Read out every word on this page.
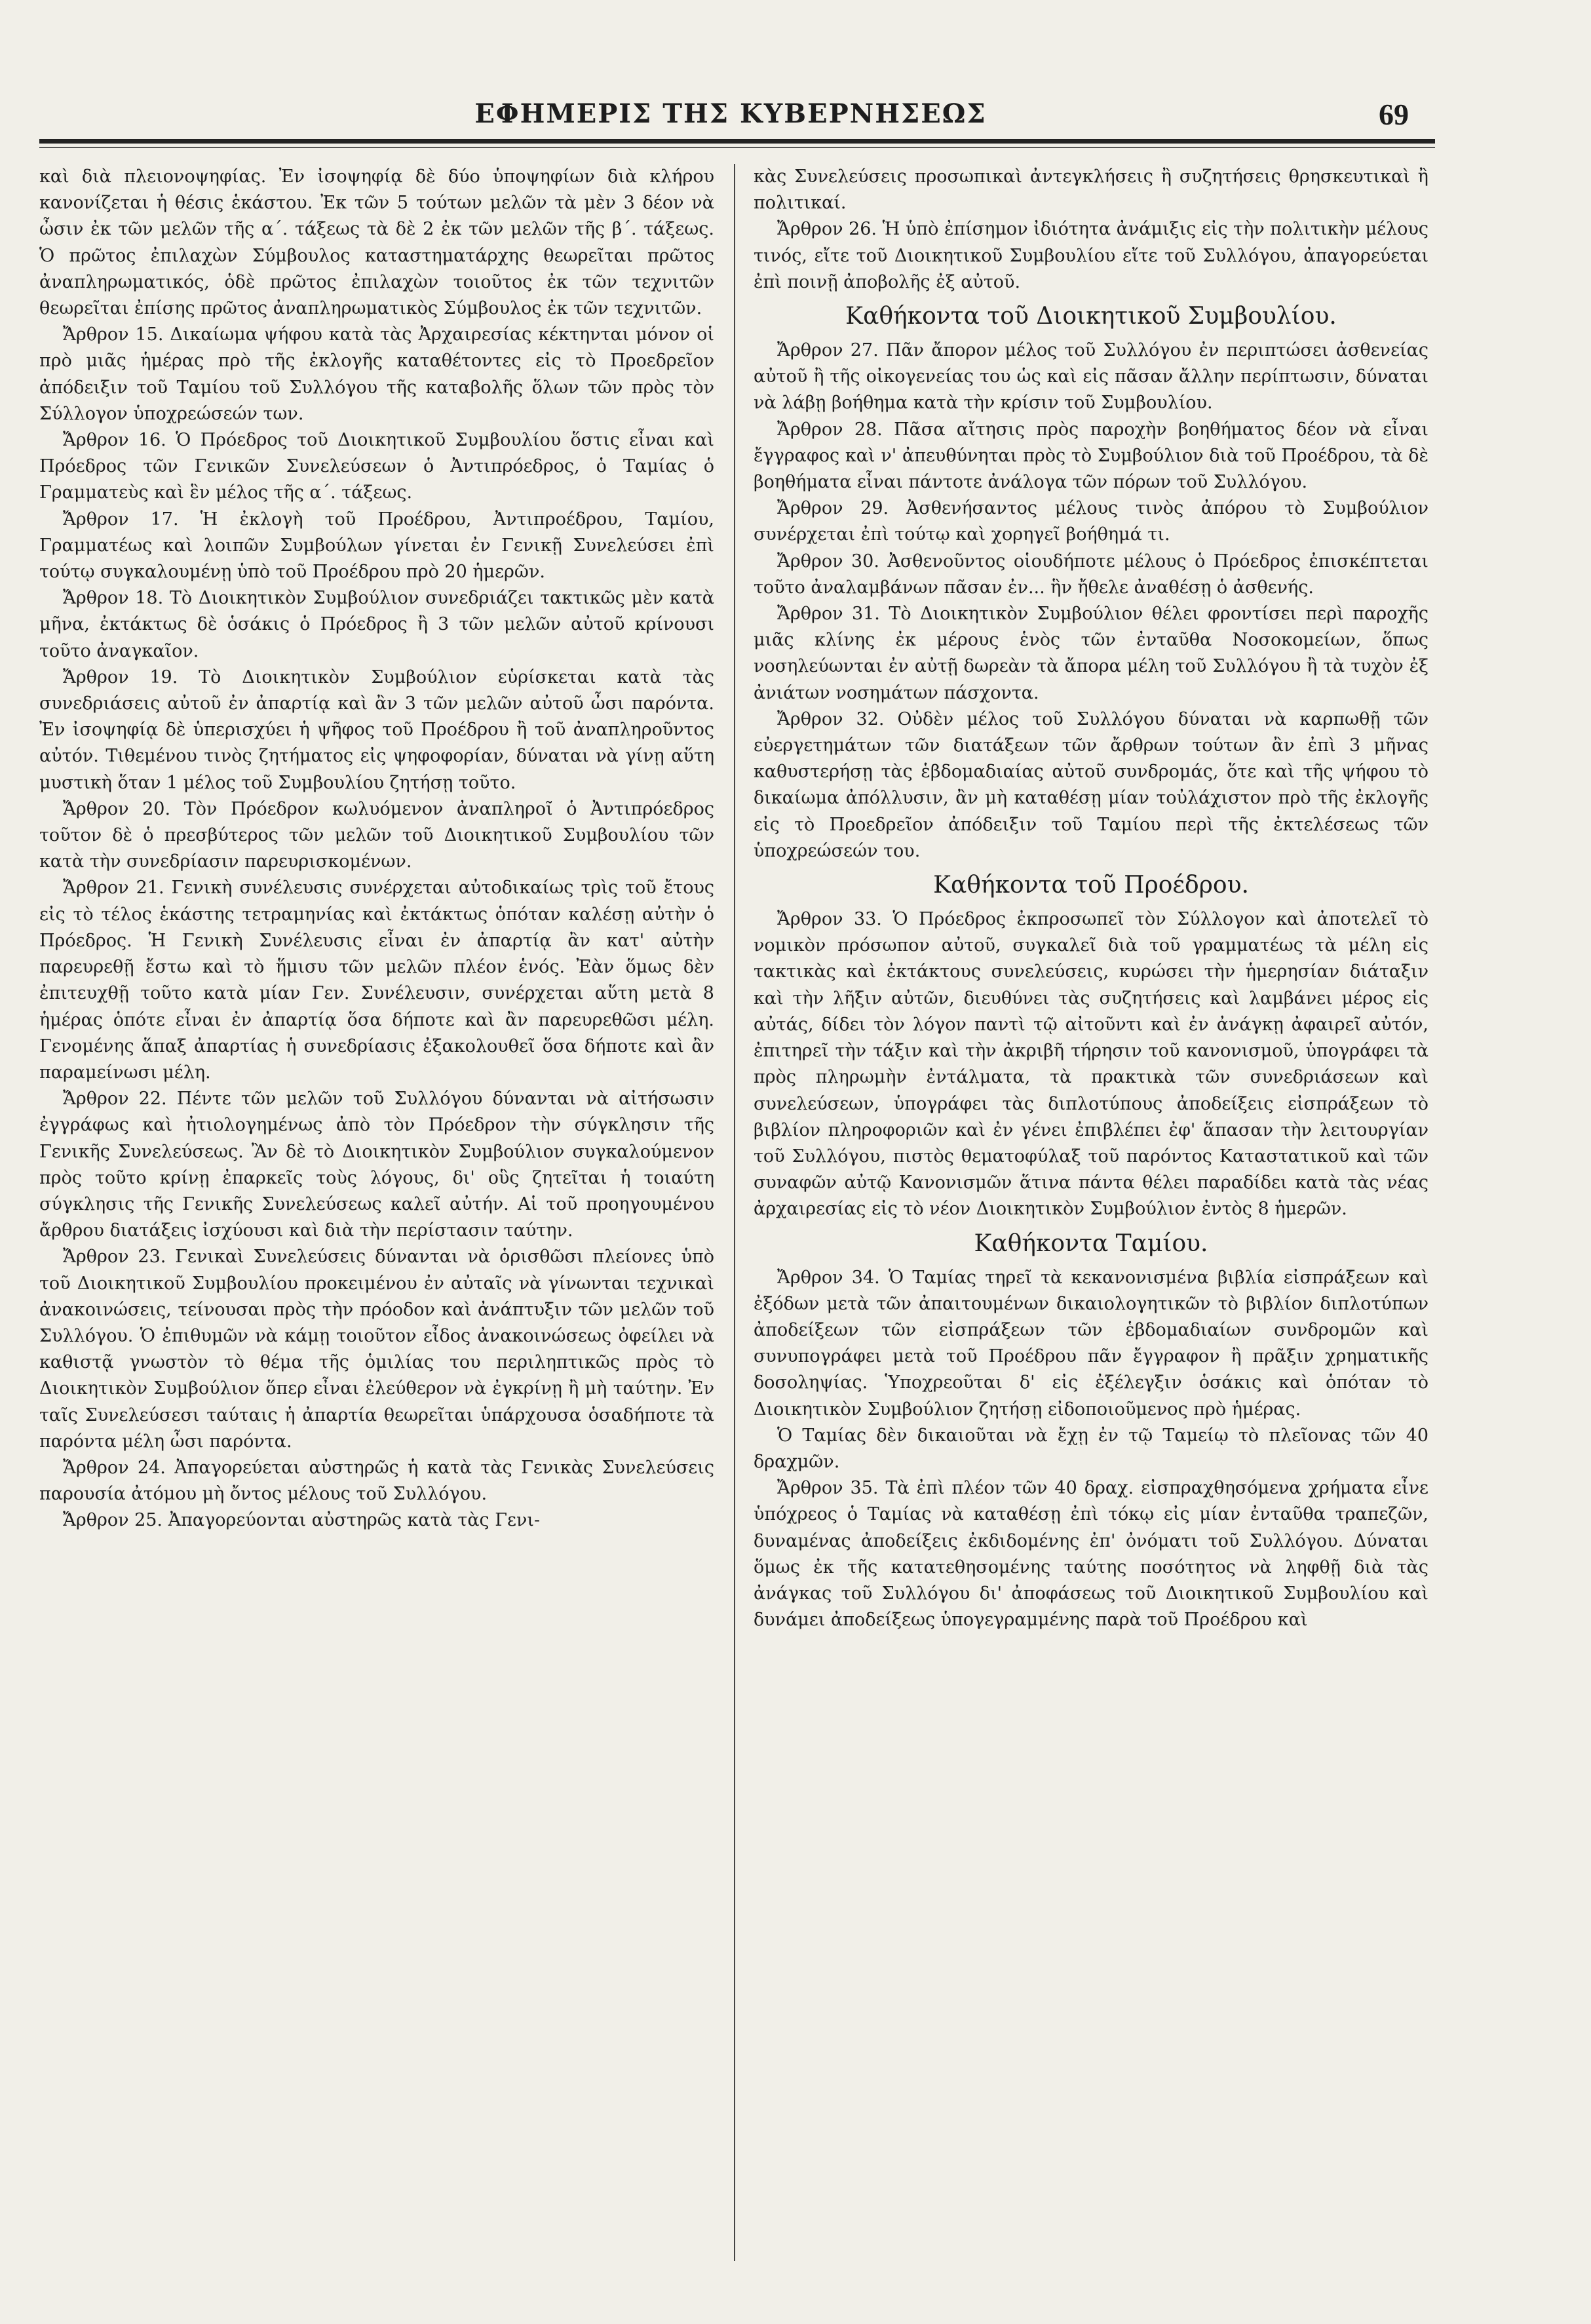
ΕΦΗΜΕΡΙΣ ΤΗΣ ΚΥΒΕΡΝΗΣΕΩΣ	69

καὶ διὰ πλειονοψηφίας. Ἐν ἰσοψηφίᾳ δὲ δύο ὑποψηφίων διὰ κλήρου κανονίζεται ἡ θέσις ἑκάστου. Ἐκ τῶν 5 τούτων μελῶν τὰ μὲν 3 δέον νὰ ὦσιν ἐκ τῶν μελῶν τῆς α΄. τάξεως τὰ δὲ 2 ἐκ τῶν μελῶν τῆς β΄. τάξεως. Ὁ πρῶτος ἐπιλαχὼν Σύμβουλος καταστηματάρχης θεωρεῖται πρῶτος ἀναπληρωματικός, ὁδὲ πρῶτος ἐπιλαχὼν τοιοῦτος ἐκ τῶν τεχνιτῶν θεωρεῖται ἐπίσης πρῶτος ἀναπληρωματικὸς Σύμβουλος ἐκ τῶν τεχνιτῶν.

Ἄρθρον 15. Δικαίωμα ψήφου κατὰ τὰς Ἀρχαιρεσίας κέκτηνται μόνον οἱ πρὸ μιᾶς ἡμέρας πρὸ τῆς ἐκλογῆς καταθέτοντες εἰς τὸ Προεδρεῖον ἀπόδειξιν τοῦ Ταμίου τοῦ Συλλόγου τῆς καταβολῆς ὅλων τῶν πρὸς τὸν Σύλλογον ὑποχρεώσεών των.

Ἄρθρον 16. Ὁ Πρόεδρος τοῦ Διοικητικοῦ Συμβουλίου ὅστις εἶναι καὶ Πρόεδρος τῶν Γενικῶν Συνελεύσεων ὁ Ἀντιπρόεδρος, ὁ Ταμίας ὁ Γραμματεὺς καὶ ἓν μέλος τῆς α΄. τάξεως.

Ἄρθρον 17. Ἡ ἐκλογὴ τοῦ Προέδρου, Ἀντιπροέδρου, Ταμίου, Γραμματέως καὶ λοιπῶν Συμβούλων γίνεται ἐν Γενικῇ Συνελεύσει ἐπὶ τούτῳ συγκαλουμένῃ ὑπὸ τοῦ Προέδρου πρὸ 20 ἡμερῶν.

Ἄρθρον 18. Τὸ Διοικητικὸν Συμβούλιον συνεδριάζει τακτικῶς μὲν κατὰ μῆνα, ἐκτάκτως δὲ ὁσάκις ὁ Πρόεδρος ἢ 3 τῶν μελῶν αὐτοῦ κρίνουσι τοῦτο ἀναγκαῖον.

Ἄρθρον 19. Τὸ Διοικητικὸν Συμβούλιον εὑρίσκεται κατὰ τὰς συνεδριάσεις αὐτοῦ ἐν ἀπαρτίᾳ καὶ ἂν 3 τῶν μελῶν αὐτοῦ ὦσι παρόντα. Ἐν ἰσοψηφίᾳ δὲ ὑπερισχύει ἡ ψῆφος τοῦ Προέδρου ἢ τοῦ ἀναπληροῦντος αὐτόν. Τιθεμένου τινὸς ζητήματος εἰς ψηφοφορίαν, δύναται νὰ γίνῃ αὕτη μυστικὴ ὅταν 1 μέλος τοῦ Συμβουλίου ζητήσῃ τοῦτο.

Ἄρθρον 20. Τὸν Πρόεδρον κωλυόμενον ἀναπληροῖ ὁ Ἀντιπρόεδρος τοῦτον δὲ ὁ πρεσβύτερος τῶν μελῶν τοῦ Διοικητικοῦ Συμβουλίου τῶν κατὰ τὴν συνεδρίασιν παρευρισκομένων.

Ἄρθρον 21. Γενικὴ συνέλευσις συνέρχεται αὐτοδικαίως τρὶς τοῦ ἔτους εἰς τὸ τέλος ἑκάστης τετραμηνίας καὶ ἐκτάκτως ὁπόταν καλέσῃ αὐτὴν ὁ Πρόεδρος. Ἡ Γενικὴ Συνέλευσις εἶναι ἐν ἀπαρτίᾳ ἂν κατ' αὐτὴν παρευρεθῇ ἔστω καὶ τὸ ἥμισυ τῶν μελῶν πλέον ἑνός. Ἐὰν ὅμως δὲν ἐπιτευχθῇ τοῦτο κατὰ μίαν Γεν. Συνέλευσιν, συνέρχεται αὕτη μετὰ 8 ἡμέρας ὁπότε εἶναι ἐν ἀπαρτίᾳ ὅσα δήποτε καὶ ἂν παρευρεθῶσι μέλη. Γενομένης ἅπαξ ἀπαρτίας ἡ συνεδρίασις ἐξακολουθεῖ ὅσα δήποτε καὶ ἂν παραμείνωσι μέλη.

Ἄρθρον 22. Πέντε τῶν μελῶν τοῦ Συλλόγου δύνανται νὰ αἰτήσωσιν ἐγγράφως καὶ ἠτιολογημένως ἀπὸ τὸν Πρόεδρον τὴν σύγκλησιν τῆς Γενικῆς Συνελεύσεως. Ἂν δὲ τὸ Διοικητικὸν Συμβούλιον συγκαλούμενον πρὸς τοῦτο κρίνῃ ἐπαρκεῖς τοὺς λόγους, δι' οὓς ζητεῖται ἡ τοιαύτη σύγκλησις τῆς Γενικῆς Συνελεύσεως καλεῖ αὐτήν. Αἱ τοῦ προηγουμένου ἄρθρου διατάξεις ἰσχύουσι καὶ διὰ τὴν περίστασιν ταύτην.

Ἄρθρον 23. Γενικαὶ Συνελεύσεις δύνανται νὰ ὁρισθῶσι πλείονες ὑπὸ τοῦ Διοικητικοῦ Συμβουλίου προκειμένου ἐν αὐταῖς νὰ γίνωνται τεχνικαὶ ἀνακοινώσεις, τείνουσαι πρὸς τὴν πρόοδον καὶ ἀνάπτυξιν τῶν μελῶν τοῦ Συλλόγου. Ὁ ἐπιθυμῶν νὰ κάμῃ τοιοῦτον εἶδος ἀνακοινώσεως ὀφείλει νὰ καθιστᾷ γνωστὸν τὸ θέμα τῆς ὁμιλίας του περιληπτικῶς πρὸς τὸ Διοικητικὸν Συμβούλιον ὅπερ εἶναι ἐλεύθερον νὰ ἐγκρίνῃ ἢ μὴ ταύτην. Ἐν ταῖς Συνελεύσεσι ταύταις ἡ ἀπαρτία θεωρεῖται ὑπάρχουσα ὁσαδήποτε τὰ παρόντα μέλη ὦσι παρόντα.

Ἄρθρον 24. Ἀπαγορεύεται αὐστηρῶς ἡ κατὰ τὰς Γενικὰς Συνελεύσεις παρουσία ἀτόμου μὴ ὄντος μέλους τοῦ Συλλόγου.

Ἄρθρον 25. Ἀπαγορεύονται αὐστηρῶς κατὰ τὰς Γενι-

κὰς Συνελεύσεις προσωπικαὶ ἀντεγκλήσεις ἢ συζητήσεις θρησκευτικαὶ ἢ πολιτικαί.

Ἄρθρον 26. Ἡ ὑπὸ ἐπίσημον ἰδιότητα ἀνάμιξις εἰς τὴν πολιτικὴν μέλους τινός, εἴτε τοῦ Διοικητικοῦ Συμβουλίου εἴτε τοῦ Συλλόγου, ἀπαγορεύεται ἐπὶ ποινῇ ἀποβολῆς ἐξ αὐτοῦ.

Καθήκοντα τοῦ Διοικητικοῦ Συμβουλίου.

Ἄρθρον 27. Πᾶν ἄπορον μέλος τοῦ Συλλόγου ἐν περιπτώσει ἀσθενείας αὐτοῦ ἢ τῆς οἰκογενείας του ὡς καὶ εἰς πᾶσαν ἄλλην περίπτωσιν, δύναται νὰ λάβῃ βοήθημα κατὰ τὴν κρίσιν τοῦ Συμβουλίου.

Ἄρθρον 28. Πᾶσα αἴτησις πρὸς παροχὴν βοηθήματος δέον νὰ εἶναι ἔγγραφος καὶ ν' ἀπευθύνηται πρὸς τὸ Συμβούλιον διὰ τοῦ Προέδρου, τὰ δὲ βοηθήματα εἶναι πάντοτε ἀνάλογα τῶν πόρων τοῦ Συλλόγου.

Ἄρθρον 29. Ἀσθενήσαντος μέλους τινὸς ἀπόρου τὸ Συμβούλιον συνέρχεται ἐπὶ τούτῳ καὶ χορηγεῖ βοήθημά τι.

Ἄρθρον 30. Ἀσθενοῦντος οἱουδήποτε μέλους ὁ Πρόεδρος ἐπισκέπτεται τοῦτο ἀναλαμβάνων πᾶσαν ἐν... ἣν ἤθελε ἀναθέσῃ ὁ ἀσθενής.

Ἄρθρον 31. Τὸ Διοικητικὸν Συμβούλιον θέλει φροντίσει περὶ παροχῆς μιᾶς κλίνης ἐκ μέρους ἑνὸς τῶν ἐνταῦθα Νοσοκομείων, ὅπως νοσηλεύωνται ἐν αὐτῇ δωρεὰν τὰ ἄπορα μέλη τοῦ Συλλόγου ἢ τὰ τυχὸν ἐξ ἀνιάτων νοσημάτων πάσχοντα.

Ἄρθρον 32. Οὐδὲν μέλος τοῦ Συλλόγου δύναται νὰ καρπωθῇ τῶν εὐεργετημάτων τῶν διατάξεων τῶν ἄρθρων τούτων ἂν ἐπὶ 3 μῆνας καθυστερήσῃ τὰς ἑβδομαδιαίας αὐτοῦ συνδρομάς, ὅτε καὶ τῆς ψήφου τὸ δικαίωμα ἀπόλλυσιν, ἂν μὴ καταθέσῃ μίαν τοὐλάχιστον πρὸ τῆς ἐκλογῆς εἰς τὸ Προεδρεῖον ἀπόδειξιν τοῦ Ταμίου περὶ τῆς ἐκτελέσεως τῶν ὑποχρεώσεών του.

Καθήκοντα τοῦ Προέδρου.

Ἄρθρον 33. Ὁ Πρόεδρος ἐκπροσωπεῖ τὸν Σύλλογον καὶ ἀποτελεῖ τὸ νομικὸν πρόσωπον αὐτοῦ, συγκαλεῖ διὰ τοῦ γραμματέως τὰ μέλη εἰς τακτικὰς καὶ ἐκτάκτους συνελεύσεις, κυρώσει τὴν ἡμερησίαν διάταξιν καὶ τὴν λῆξιν αὐτῶν, διευθύνει τὰς συζητήσεις καὶ λαμβάνει μέρος εἰς αὐτάς, δίδει τὸν λόγον παντὶ τῷ αἰτοῦντι καὶ ἐν ἀνάγκῃ ἀφαιρεῖ αὐτόν, ἐπιτηρεῖ τὴν τάξιν καὶ τὴν ἀκριβῆ τήρησιν τοῦ κανονισμοῦ, ὑπογράφει τὰ πρὸς πληρωμὴν ἐντάλματα, τὰ πρακτικὰ τῶν συνεδριάσεων καὶ συνελεύσεων, ὑπογράφει τὰς διπλοτύπους ἀποδείξεις εἰσπράξεων τὸ βιβλίον πληροφοριῶν καὶ ἐν γένει ἐπιβλέπει ἐφ' ἅπασαν τὴν λειτουργίαν τοῦ Συλλόγου, πιστὸς θεματοφύλαξ τοῦ παρόντος Καταστατικοῦ καὶ τῶν συναφῶν αὐτῷ Κανονισμῶν ἅτινα πάντα θέλει παραδίδει κατὰ τὰς νέας ἀρχαιρεσίας εἰς τὸ νέον Διοικητικὸν Συμβούλιον ἐντὸς 8 ἡμερῶν.

Καθήκοντα Ταμίου.

Ἄρθρον 34. Ὁ Ταμίας τηρεῖ τὰ κεκανονισμένα βιβλία εἰσπράξεων καὶ ἐξόδων μετὰ τῶν ἀπαιτουμένων δικαιολογητικῶν τὸ βιβλίον διπλοτύπων ἀποδείξεων τῶν εἰσπράξεων τῶν ἑβδομαδιαίων συνδρομῶν καὶ συνυπογράφει μετὰ τοῦ Προέδρου πᾶν ἔγγραφον ἢ πρᾶξιν χρηματικῆς δοσοληψίας. Ὑποχρεοῦται δ' εἰς ἐξέλεγξιν ὁσάκις καὶ ὁπόταν τὸ Διοικητικὸν Συμβούλιον ζητήσῃ εἰδοποιοῦμενος πρὸ ἡμέρας.

Ὁ Ταμίας δὲν δικαιοῦται νὰ ἔχῃ ἐν τῷ Ταμείῳ τὸ πλεῖονας τῶν 40 δραχμῶν.

Ἄρθρον 35. Τὰ ἐπὶ πλέον τῶν 40 δραχ. εἰσπραχθησόμενα χρήματα εἶνε ὑπόχρεος ὁ Ταμίας νὰ καταθέσῃ ἐπὶ τόκῳ εἰς μίαν ἐνταῦθα τραπεζῶν, δυναμένας ἀποδείξεις ἐκδιδομένης ἐπ' ὀνόματι τοῦ Συλλόγου. Δύναται ὅμως ἐκ τῆς κατατεθησομένης ταύτης ποσότητος νὰ ληφθῇ διὰ τὰς ἀνάγκας τοῦ Συλλόγου δι' ἀποφάσεως τοῦ Διοικητικοῦ Συμβουλίου καὶ δυνάμει ἀποδείξεως ὑπογεγραμμένης παρὰ τοῦ Προέδρου καὶ
